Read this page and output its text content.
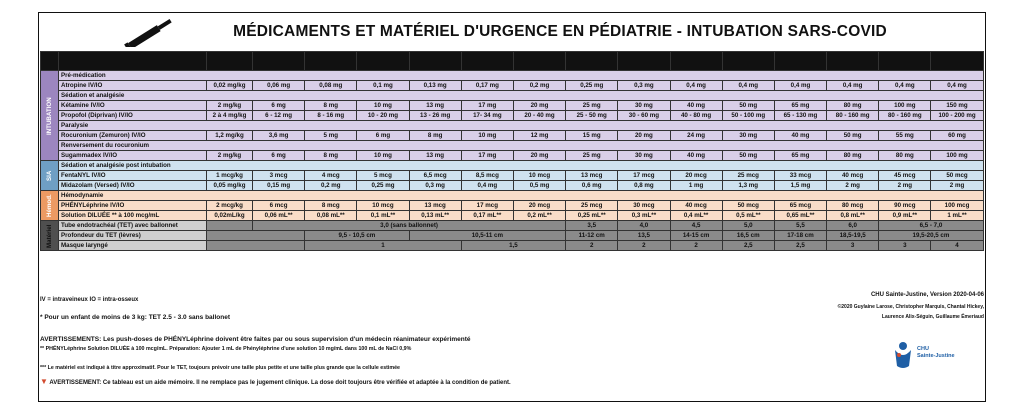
MÉDICAMENTS ET MATÉRIEL D'URGENCE EN PÉDIATRIE - INTUBATION SARS-COVID

INTUBATION	Pré-médication																
	Atropine IV/IO	0,02 mg/kg	0,06 mg	0,08 mg	0,1 mg	0,13 mg	0,17 mg	0,2 mg	0,25 mg	0,3 mg	0,4 mg	0,4 mg	0,4 mg	0,4 mg	0,4 mg	0,4 mg	
	Sédation et analgésie																
	Kétamine IV/IO	2 mg/kg	6 mg	8 mg	10 mg	13 mg	17 mg	20 mg	25 mg	30 mg	40 mg	50 mg	65 mg	80 mg	100 mg	150 mg	
	Propofol (Diprivan) IV/IO	2 à 4 mg/kg	6 - 12 mg	8 - 16 mg	10 - 20 mg	13 - 26 mg	17- 34 mg	20 - 40 mg	25 - 50 mg	30 - 60 mg	40 - 80 mg	50 - 100 mg	65 - 130 mg	80 - 160 mg	80 - 160 mg	100 - 200 mg	
	Paralysie																
	Rocuronium (Zemuron) IV/IO	1,2 mg/kg	3,6 mg	5 mg	6 mg	8 mg	10 mg	12 mg	15 mg	20 mg	24 mg	30 mg	40 mg	50 mg	55 mg	60 mg	
	Renversement du rocuronium																
	Sugammadex IV/IO	2 mg/kg	6 mg	8 mg	10 mg	13 mg	17 mg	20 mg	25 mg	30 mg	40 mg	50 mg	65 mg	80 mg	80 mg	100 mg	
SIA	Sédation et analgésie post intubation																
	FentaNYL IV/IO	1 mcg/kg	3 mcg	4 mcg	5 mcg	6,5 mcg	8,5 mcg	10 mcg	13 mcg	17 mcg	20 mcg	25 mcg	33 mcg	40 mcg	45 mcg	50 mcg	
	Midazolam (Versed) IV/IO	0,05 mg/kg	0,15 mg	0,2 mg	0,25 mg	0,3 mg	0,4 mg	0,5 mg	0,6 mg	0,8 mg	1 mg	1,3 mg	1,5 mg	2 mg	2 mg	2 mg	
Hémod.	Hémodynamie																
	PHÉNYLéphrine IV/IO	2 mcg/kg	6 mcg	8 mcg	10 mcg	13 mcg	17 mcg	20 mcg	25 mcg	30 mcg	40 mcg	50 mcg	65 mcg	80 mcg	90 mcg	100 mcg	
	Solution DILUÉE ** à 100 mcg/mL	0,02mL/kg	0,06 mL**	0,08 mL**	0,1 mL**	0,13 mL**	0,17 mL**	0,2 mL**	0,25 mL**	0,3 mL**	0,4 mL**	0,5 mL**	0,65 mL**	0,8 mL**	0,9 mL**	1 mL**	
Matériel	Tube endotrachéal (TET) avec ballonnet		3,0 (sans ballonnet)						3,5	4,0	4,5	5,0	5,5	6,0	6,5 - 7,0	
	Profondeur du TET (lèvres)			9,5 - 10,5 cm		10,5-11 cm			11-12 cm	13,5	14-15 cm	16,5 cm	17-18 cm	18,5-19,5	19,5-20,5 cm	
	Masque laryngé			1			1,5		2	2	2	2,5	2,5	3	3	4	
IV = intraveineux IO = intra-osseux
* Pour un enfant de moins de 3 kg: TET 2.5 - 3.0 sans ballonet
CHU Sainte-Justine, Version 2020-04-06
©2020 Guylaine Larose, Christopher Marquis, Chantal Hickey,
Laurence Alix-Séguin, Guillaume Émeriaud
AVERTISSEMENTS: Les push-doses de PHÉNYLéphrine doivent être faites par ou sous supervision d'un médecin réanimateur expérimenté
** PHÉNYLéphrine Solution DILUÉE à 100 mcg/mL. Préparation: Ajouter 1 mL de Phényléphrine d'une solution 10 mg/mL dans 100 mL de NaCl 0,9%
*** Le matériel est indiqué à titre approximatif. Pour le TET, toujours prévoir une taille plus petite et une taille plus grande que la cellule estimée
▼ AVERTISSEMENT: Ce tableau est un aide mémoire. Il ne remplace pas le jugement clinique. La dose doit toujours être vérifiée et adaptée à la condition de patient.
CHU
Sainte-Justine
